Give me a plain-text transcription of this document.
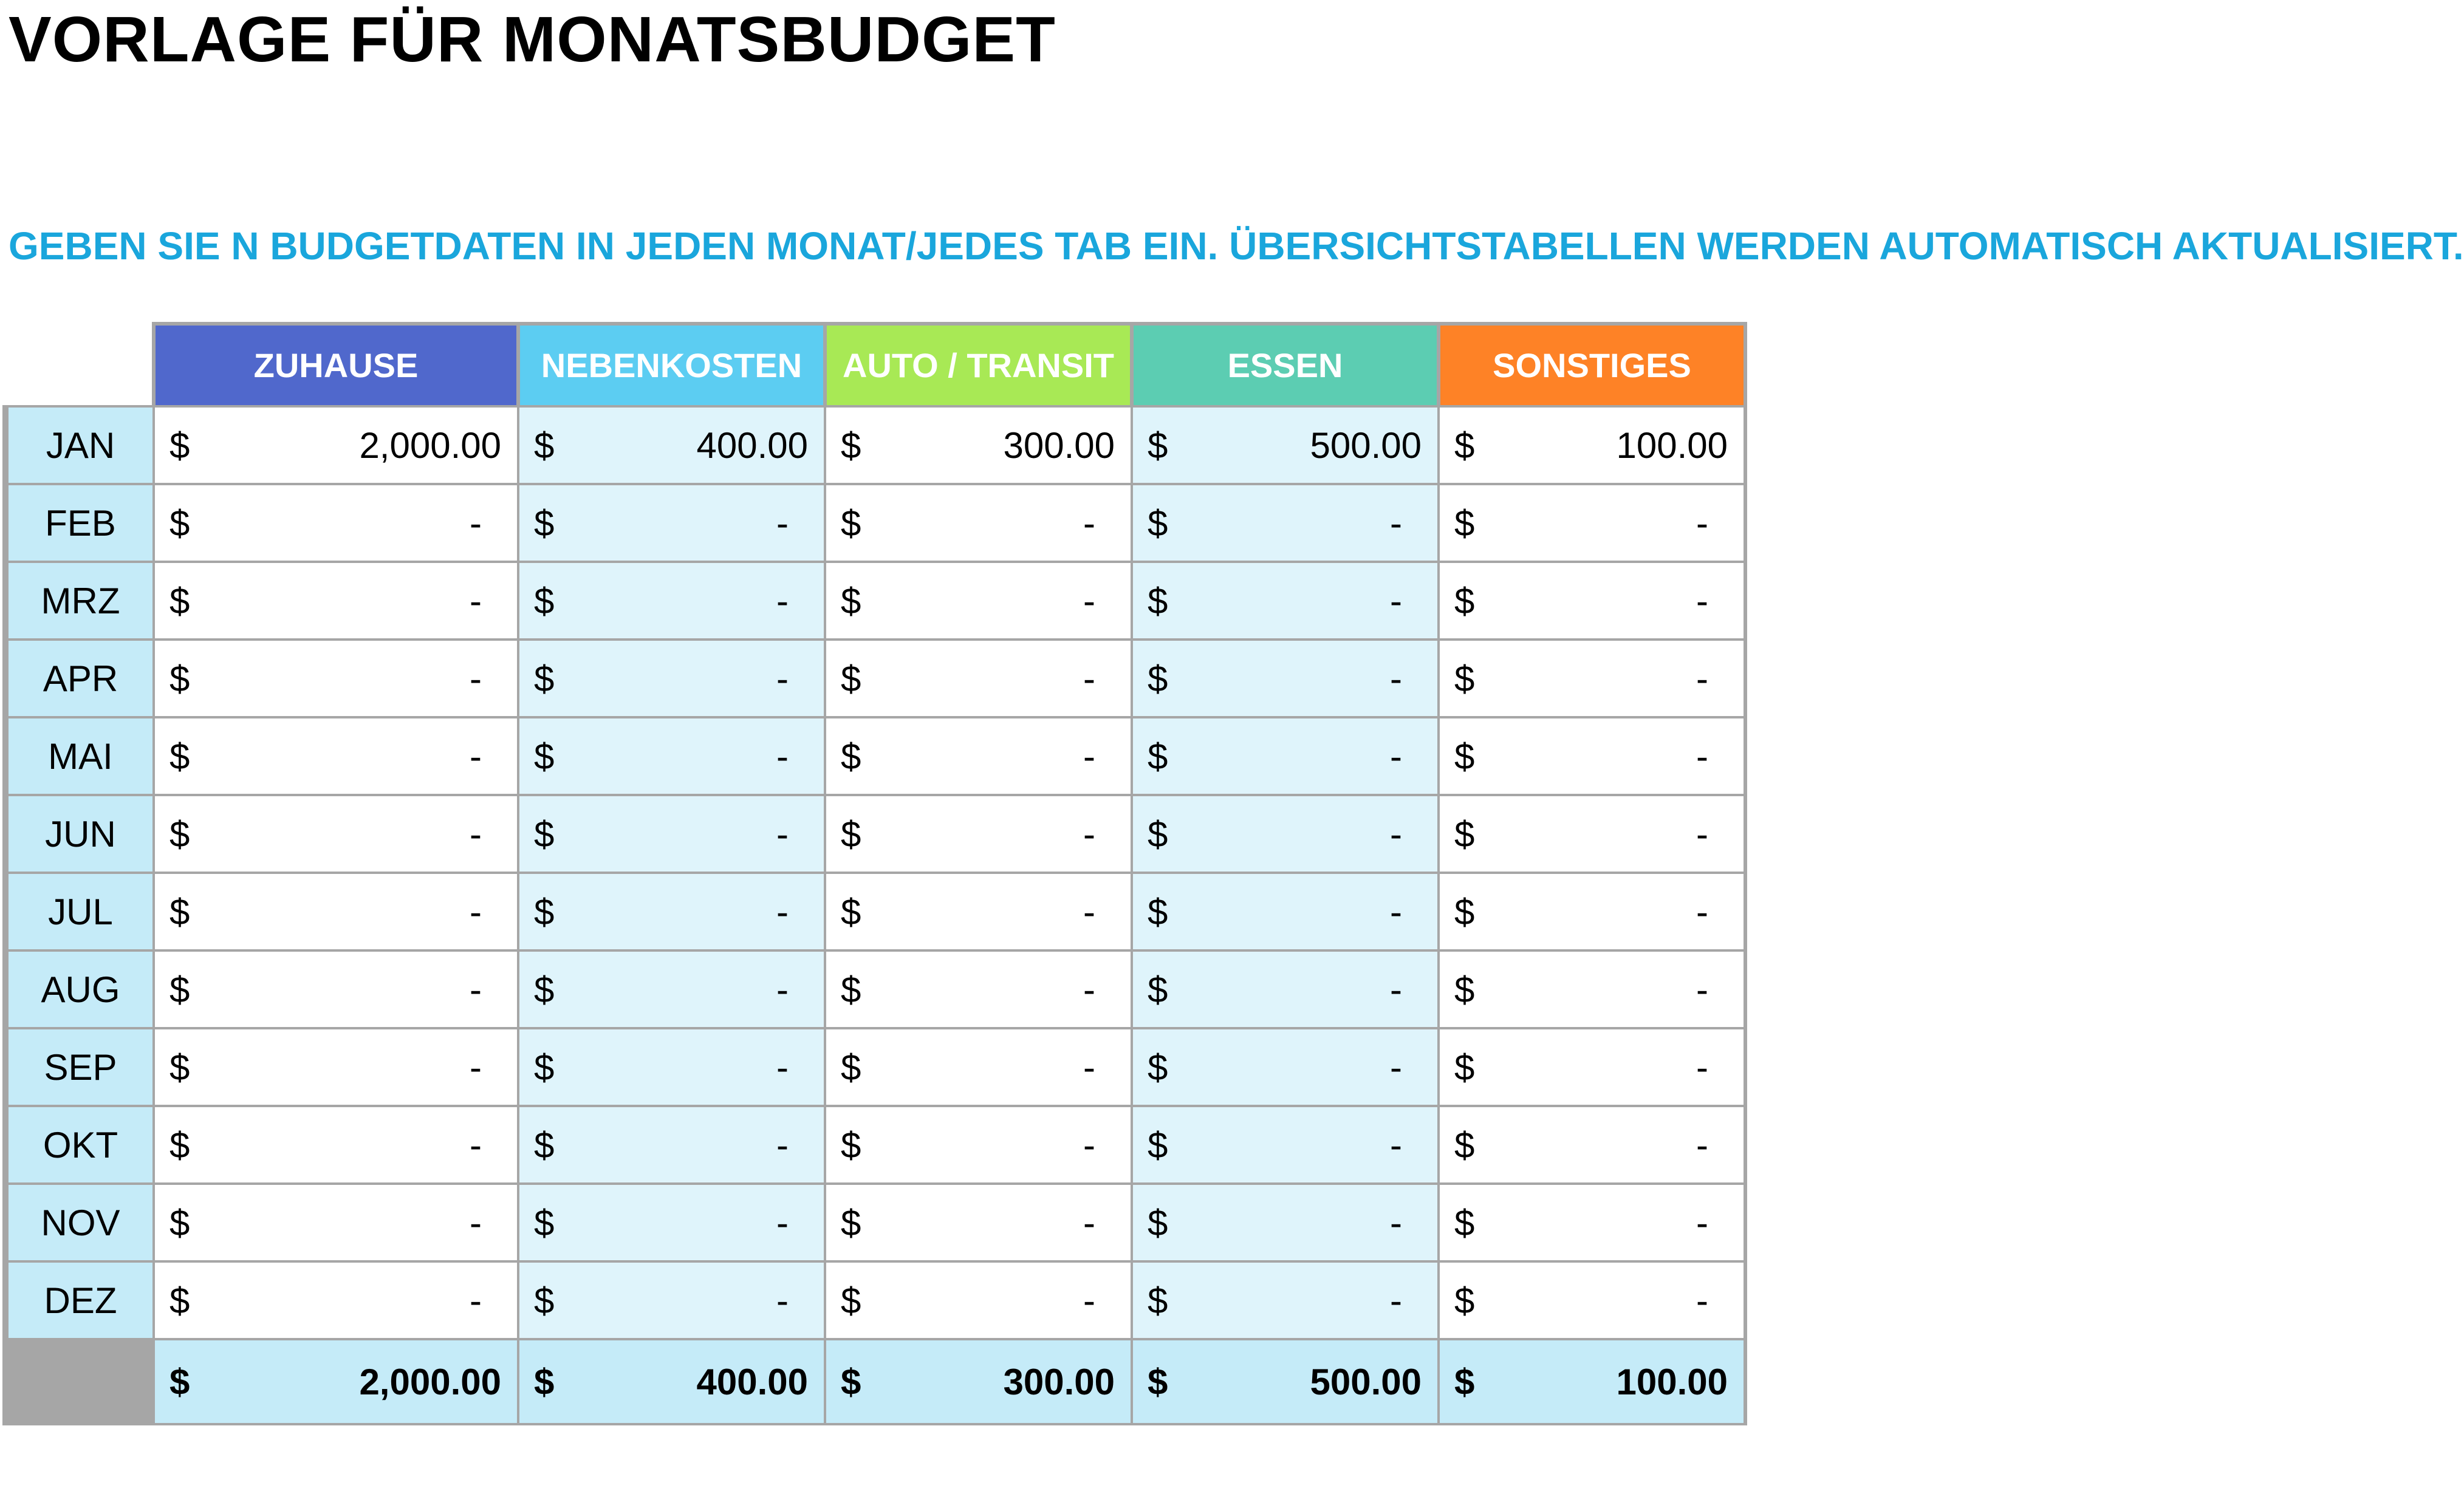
VORLAGE FÜR MONATSBUDGET
GEBEN SIE N BUDGETDATEN IN JEDEN MONAT/JEDES TAB EIN. ÜBERSICHTSTABELLEN WERDEN AUTOMATISCH AKTUALISIERT.
	ZUHAUSE	NEBENKOSTEN	AUTO / TRANSIT	ESSEN	SONSTIGES
JAN	$ 2,000.00	$ 400.00	$ 300.00	$ 500.00	$ 100.00

FEB	$ -	$ -	$ -	$ -	$ -

MRZ	$ -	$ -	$ -	$ -	$ -

APR	$ -	$ -	$ -	$ -	$ -

MAI	$ -	$ -	$ -	$ -	$ -

JUN	$ -	$ -	$ -	$ -	$ -

JUL	$ -	$ -	$ -	$ -	$ -

AUG	$ -	$ -	$ -	$ -	$ -

SEP	$ -	$ -	$ -	$ -	$ -

OKT	$ -	$ -	$ -	$ -	$ -

NOV	$ -	$ -	$ -	$ -	$ -

DEZ	$ -	$ -	$ -	$ -	$ -

	$ 2,000.00	$ 400.00	$ 300.00	$ 500.00	$ 100.00
